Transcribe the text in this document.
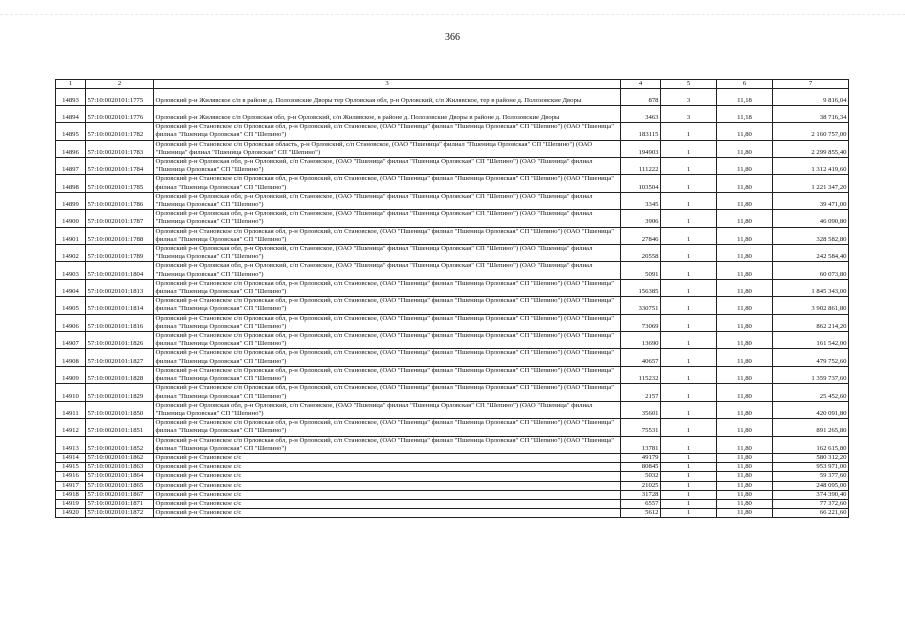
366
1	2	3	4	5	6	7
14893	57:10:0020101:1775	Орловский р-н Жилявское с/п в районе д. Полозовские Дворы тер Орловская обл, р-н Орловский, с/п Жилявское, тер в районе д. Полозовские Дворы	878	3	11,18	9 816,04
14894	57:10:0020101:1776	Орловский р-н Жилявское с/п Орловская обл, р-н Орловский, с/п Жилявское, в районе д. Полозовские Дворы в районе д. Полозовские Дворы	3463	3	11,18	38 716,34
14895	57:10:0020101:1782	Орловский р-н Становское с/п Орловская обл, р-н Орловский, с/п Становское, (ОАО "Пшеница" филиал "Пшеница Орловская" СП "Шепино") (ОАО "Пшеница" филиал "Пшеница Орловская" СП "Шепино")	183115	1	11,80	2 160 757,00
14896	57:10:0020101:1783	Орловский р-н Становское с/п Орловская область, р-н Орловский, с/п Становское, (ОАО "Пшеница" филиал "Пшеница Орловская" СП "Шепино") (ОАО "Пшеница" филиал "Пшеница Орловская" СП "Шепино")	194903	1	11,80	2 299 855,40
14897	57:10:0020101:1784	Орловский р-н Орловская обл, р-н Орловский, с/п Становское, (ОАО "Пшеница" филиал "Пшеница Орловская" СП "Шепино") (ОАО "Пшеница" филиал "Пшеница Орловская" СП "Шепино")	111222	1	11,80	1 312 419,60
14898	57:10:0020101:1785	Орловский р-н Становское с/п Орловская обл, р-н Орловский, с/п Становское, (ОАО "Пшеница" филиал "Пшеница Орловская" СП "Шепино") (ОАО "Пшеница" филиал "Пшеница Орловская" СП "Шепино")	103504	1	11,80	1 221 347,20
14899	57:10:0020101:1786	Орловский р-н Орловская обл, р-н Орловский, с/п Становское, (ОАО "Пшеница" филиал "Пшеница Орловская" СП "Шепино") (ОАО "Пшеница" филиал "Пшеница Орловская" СП "Шепино")	3345	1	11,80	39 471,00
14900	57:10:0020101:1787	Орловский р-н Орловская обл, р-н Орловский, с/п Становское, (ОАО "Пшеница" филиал "Пшеница Орловская" СП "Шепино") (ОАО "Пшеница" филиал "Пшеница Орловская" СП "Шепино")	3906	1	11,80	46 090,80
14901	57:10:0020101:1788	Орловский р-н Становское с/п Орловская обл, р-н Орловский, с/п Становское, (ОАО "Пшеница" филиал "Пшеница Орловская" СП "Шепино") (ОАО "Пшеница" филиал "Пшеница Орловская" СП "Шепино")	27846	1	11,80	328 582,80
14902	57:10:0020101:1789	Орловский р-н Орловская обл, р-н Орловский, с/п Становское, (ОАО "Пшеница" филиал "Пшеница Орловская" СП "Шепино") (ОАО "Пшеница" филиал "Пшеница Орловская" СП "Шепино")	20558	1	11,80	242 584,40
14903	57:10:0020101:1804	Орловский р-н Орловская обл, р-н Орловский, с/п Становское, (ОАО "Пшеница" филиал "Пшеница Орловская" СП "Шепино") (ОАО "Пшеница" филиал "Пшеница Орловская" СП "Шепино")	5091	1	11,80	60 073,80
14904	57:10:0020101:1813	Орловский р-н Становское с/п Орловская обл, р-н Орловский, с/п Становское, (ОАО "Пшеница" филиал "Пшеница Орловская" СП "Шепино") (ОАО "Пшеница" филиал "Пшеница Орловская" СП "Шепино")	156385	1	11,80	1 845 343,00
14905	57:10:0020101:1814	Орловский р-н Становское с/п Орловская обл, р-н Орловский, с/п Становское, (ОАО "Пшеница" филиал "Пшеница Орловская" СП "Шепино") (ОАО "Пшеница" филиал "Пшеница Орловская" СП "Шепино")	330751	1	11,80	3 902 861,80
14906	57:10:0020101:1816	Орловский р-н Становское с/п Орловская обл, р-н Орловский, с/п Становское, (ОАО "Пшеница" филиал "Пшеница Орловская" СП "Шепино") (ОАО "Пшеница" филиал "Пшеница Орловская" СП "Шепино")	73069	1	11,80	862 214,20
14907	57:10:0020101:1826	Орловский р-н Становское с/п Орловская обл, р-н Орловский, с/п Становское, (ОАО "Пшеница" филиал "Пшеница Орловская" СП "Шепино") (ОАО "Пшеница" филиал "Пшеница Орловская" СП "Шепино")	13690	1	11,80	161 542,00
14908	57:10:0020101:1827	Орловский р-н Становское с/п Орловская обл, р-н Орловский, с/п Становское, (ОАО "Пшеница" филиал "Пшеница Орловская" СП "Шепино") (ОАО "Пшеница" филиал "Пшеница Орловская" СП "Шепино")	40657	1	11,80	479 752,60
14909	57:10:0020101:1828	Орловский р-н Становское с/п Орловская обл, р-н Орловский, с/п Становское, (ОАО "Пшеница" филиал "Пшеница Орловская" СП "Шепино") (ОАО "Пшеница" филиал "Пшеница Орловская" СП "Шепино")	115232	1	11,80	1 359 737,60
14910	57:10:0020101:1829	Орловский р-н Становское с/п Орловская обл, р-н Орловский, с/п Становское, (ОАО "Пшеница" филиал "Пшеница Орловская" СП "Шепино") (ОАО "Пшеница" филиал "Пшеница Орловская" СП "Шепино")	2157	1	11,80	25 452,60
14911	57:10:0020101:1850	Орловский р-н Орловская обл, р-н Орловский, с/п Становское, (ОАО "Пшеница" филиал "Пшеница Орловская" СП "Шепино") (ОАО "Пшеница" филиал "Пшеница Орловская" СП "Шепино")	35601	1	11,80	420 091,80
14912	57:10:0020101:1851	Орловский р-н Становское с/п Орловская обл, р-н Орловский, с/п Становское, (ОАО "Пшеница" филиал "Пшеница Орловская" СП "Шепино") (ОАО "Пшеница" филиал "Пшеница Орловская" СП "Шепино")	75531	1	11,80	891 265,80
14913	57:10:0020101:1852	Орловский р-н Становское с/п Орловская обл, р-н Орловский, с/п Становское, (ОАО "Пшеница" филиал "Пшеница Орловская" СП "Шепино") (ОАО "Пшеница" филиал "Пшеница Орловская" СП "Шепино")	13781	1	11,80	162 615,80
14914	57:10:0020101:1862	Орловский р-н Становское с/с	49179	1	11,80	580 312,20
14915	57:10:0020101:1863	Орловский р-н Становское с/с	80845	1	11,80	953 971,00
14916	57:10:0020101:1864	Орловский р-н Становское с/с	5032	1	11,80	59 377,60
14917	57:10:0020101:1865	Орловский р-н Становское с/с	21025	1	11,80	248 095,00
14918	57:10:0020101:1867	Орловский р-н Становское с/с	31728	1	11,80	374 390,40
14919	57:10:0020101:1871	Орловский р-н Становское с/с	6557	1	11,80	77 372,60
14920	57:10:0020101:1872	Орловский р-н Становское с/с	5612	1	11,80	66 221,60
